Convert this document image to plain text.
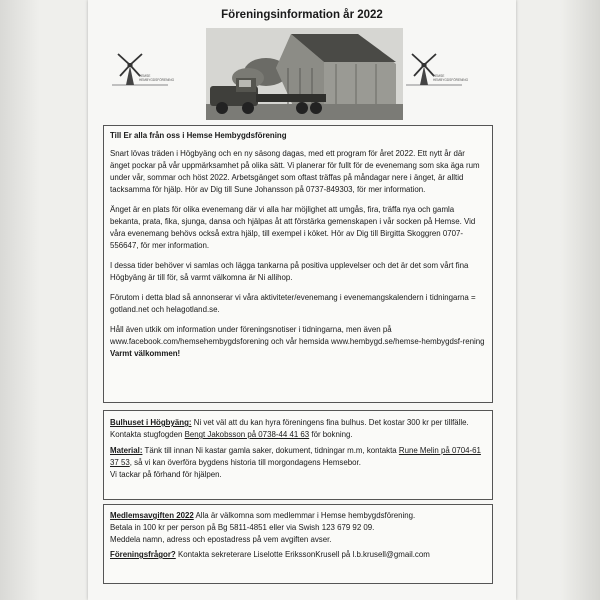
Föreningsinformation år 2022
HEMSE
HEMBYGDSFÖRENING
HEMSE
HEMBYGDSFÖRENING

Till Er alla från oss i Hemse Hembygdsförening

Snart lövas träden i Högbyäng och en ny säsong dagas, med ett program för året 2022. Ett nytt år där änget pockar på vår uppmärksamhet på olika sätt. Vi planerar för fullt för de evenemang som ska äga rum under vår, sommar och höst 2022. Arbetsgänget som oftast träffas på måndagar nere i änget, är alltid tacksamma för hjälp. Hör av Dig till Sune Johansson på 0737-849303, för mer information.

Änget är en plats för olika evenemang där vi alla har möjlighet att umgås, fira, träffa nya och gamla bekanta, prata, fika, sjunga, dansa och hjälpas åt att förstärka gemenskapen i vår socken på Hemse. Vid våra evenemang behövs också extra hjälp, till exempel i köket. Hör av Dig till Birgitta Skoggren 0707-556647, för mer information.

I dessa tider behöver vi samlas och lägga tankarna på positiva upplevelser och det är det som vårt fina Högbyäng är till för, så varmt välkomna är Ni allihop.

Förutom i detta blad så annonserar vi våra aktiviteter/evenemang i evenemangskalendern i tidningarna = gotland.net och helagotland.se.

Håll även utkik om information under föreningsnotiser i tidningarna, men även på www.facebook.com/hemsehembygdsforening och vår hemsida www.hembygd.se/hemse-hembygdsf-rening

Varmt välkommen!

Bulhuset i Högbyäng: Ni vet väl att du kan hyra föreningens fina bulhus. Det kostar 300 kr per tillfälle. Kontakta stugfogden Bengt Jakobsson på 0738-44 41 63 för bokning.

Material: Tänk till innan Ni kastar gamla saker, dokument, tidningar m.m, kontakta Rune Melin på 0704-61 37 53, så vi kan överföra bygdens historia till morgondagens Hemsebor.

Vi tackar på förhand för hjälpen.

Medlemsavgiften 2022 Alla är välkomna som medlemmar i Hemse hembygdsförening.

Betala in 100 kr per person på Bg 5811-4851 eller via Swish 123 679 92 09.

Meddela namn, adress och epostadress på vem avgiften avser.

Föreningsfrågor? Kontakta sekreterare Liselotte ErikssonKrusell på l.b.krusell@gmail.com
